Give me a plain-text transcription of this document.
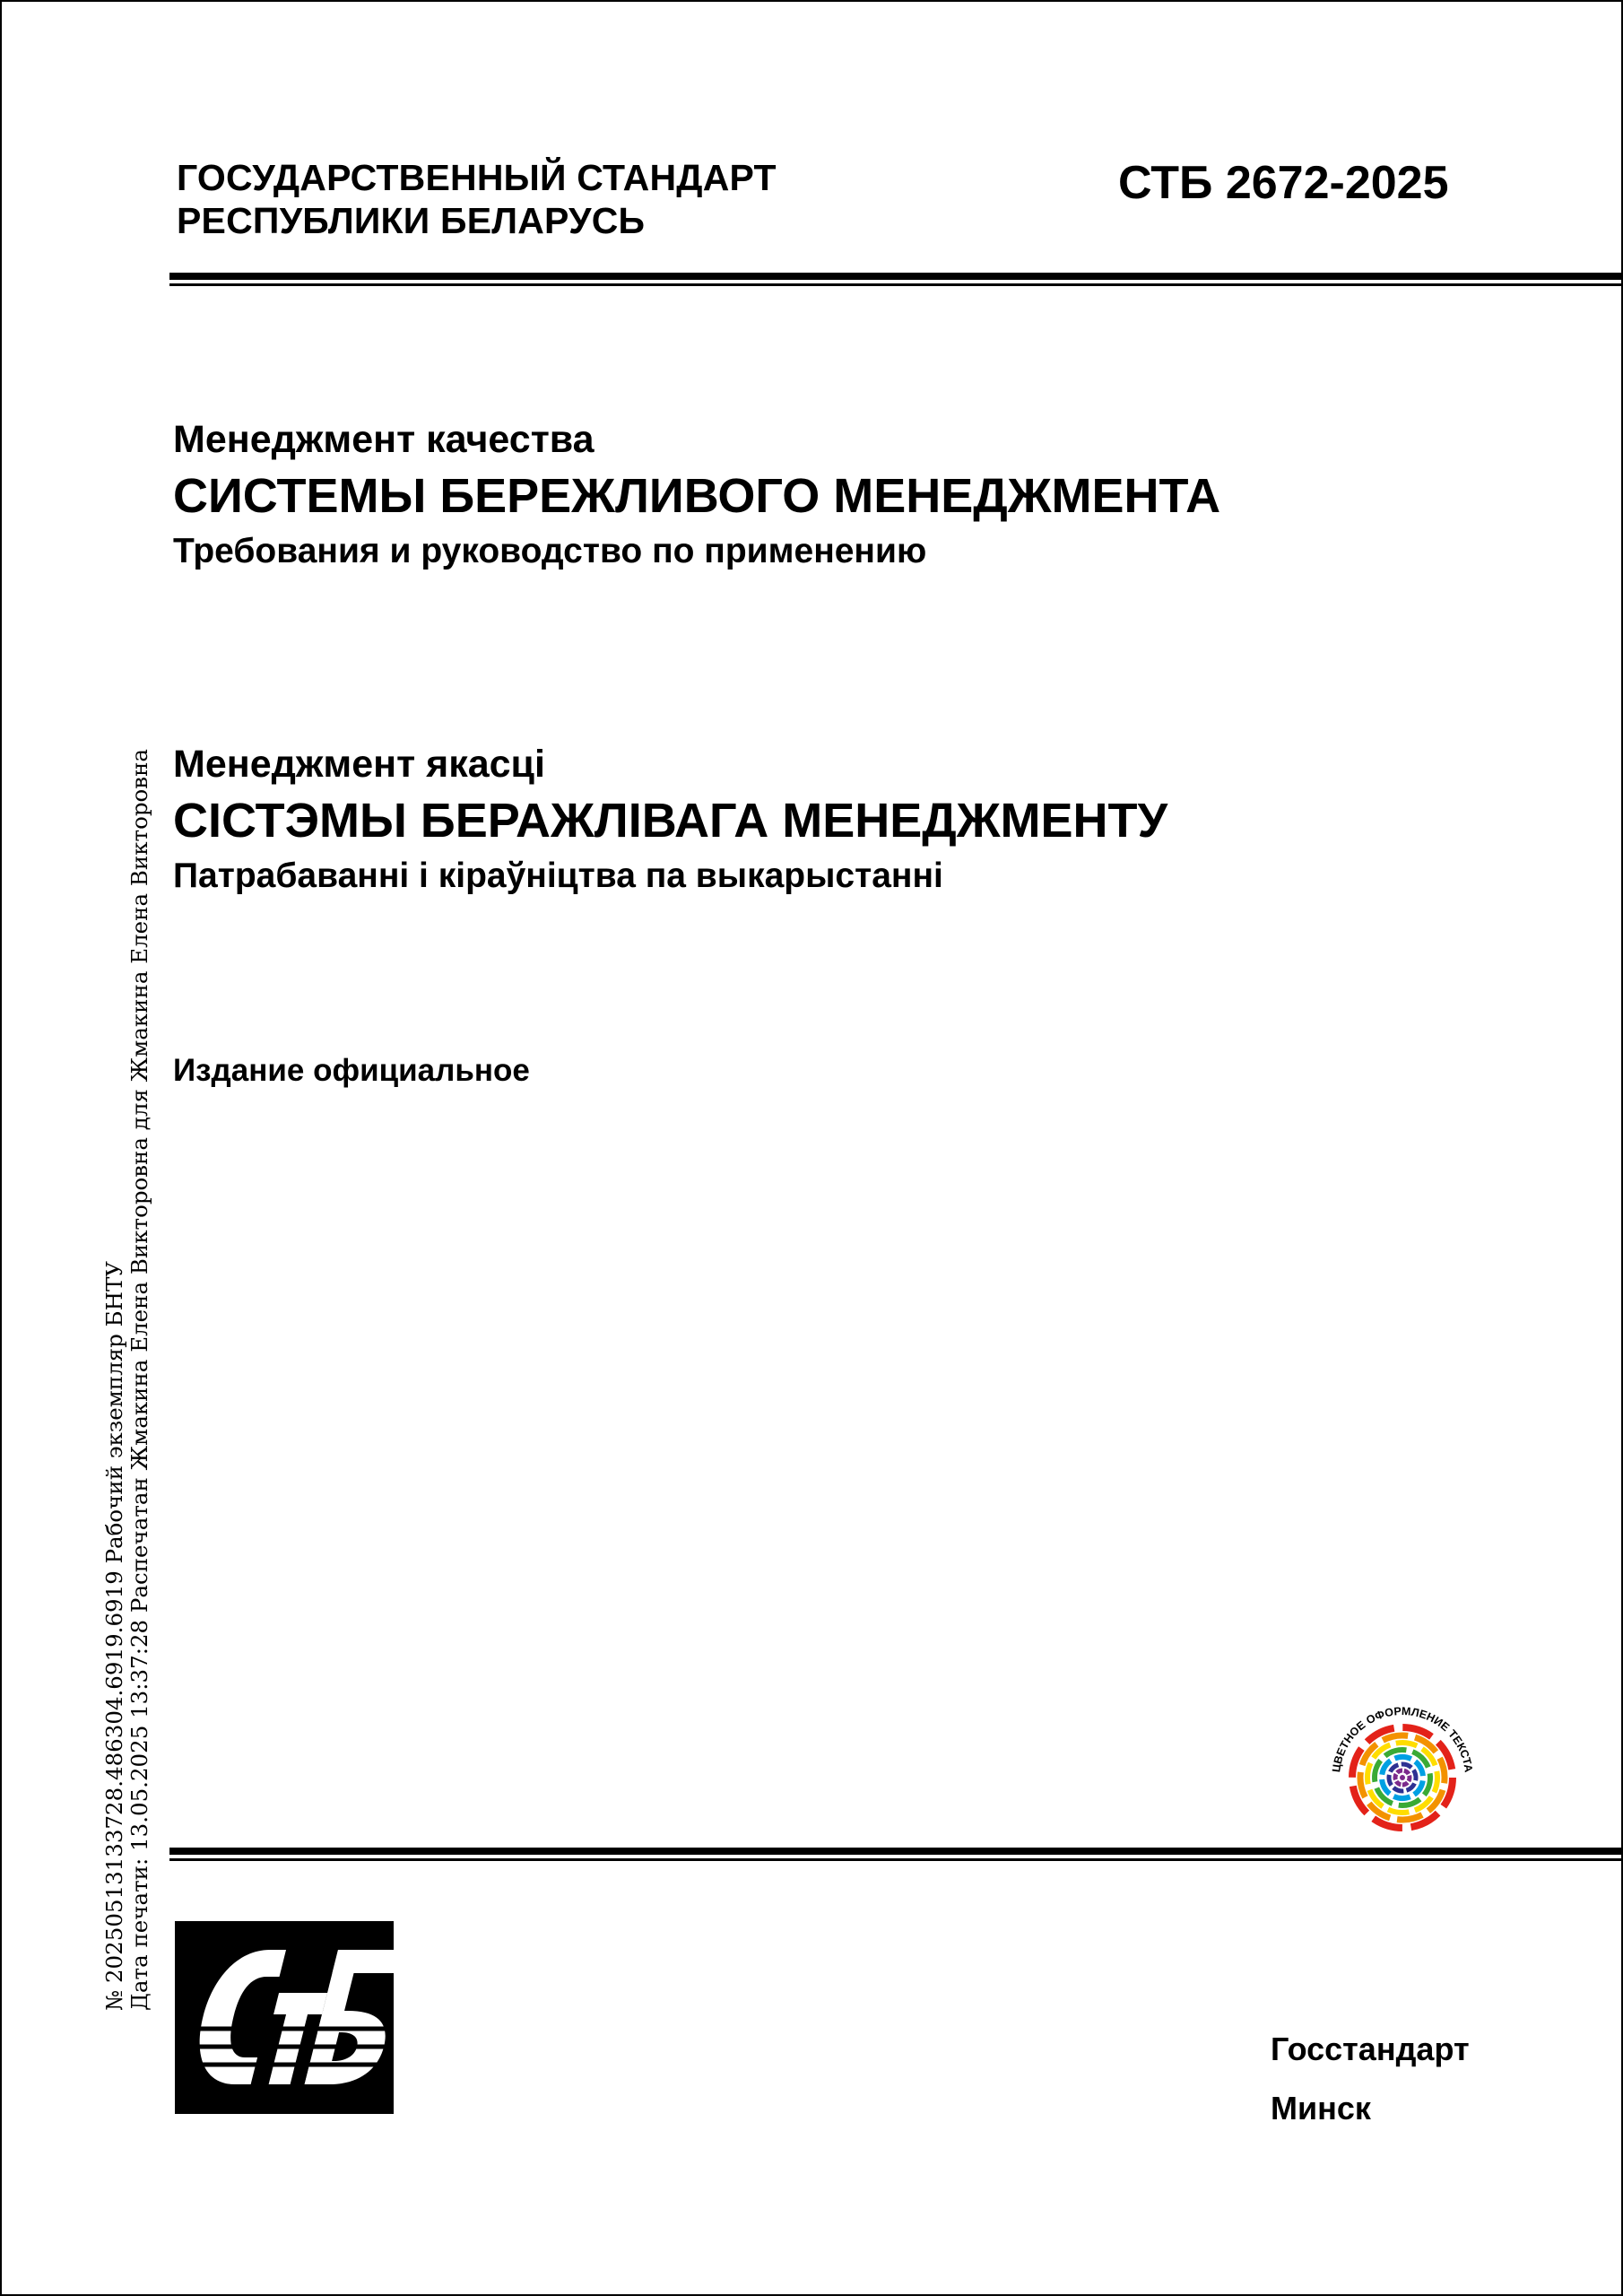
ГОСУДАРСТВЕННЫЙ СТАНДАРТ
РЕСПУБЛИКИ БЕЛАРУСЬ
СТБ 2672-2025
Менеджмент качества
СИСТЕМЫ БЕРЕЖЛИВОГО МЕНЕДЖМЕНТА
Требования и руководство по применению
Менеджмент якасці
СІСТЭМЫ БЕРАЖЛІВАГА МЕНЕДЖМЕНТУ
Патрабаванні і кіраўніцтва па выкарыстанні
Издание официальное
№ 20250513133728.486304.6919.6919 Рабочий экземпляр БНТУ Дата печати: 13.05.2025 13:37:28 Распечатан Жмакина Елена Викторовна для Жмакина Елена Викторовна	ЦВЕТНОЕ ОФОРМЛЕНИЕ ТЕКСТА
Госстандарт
Минск
